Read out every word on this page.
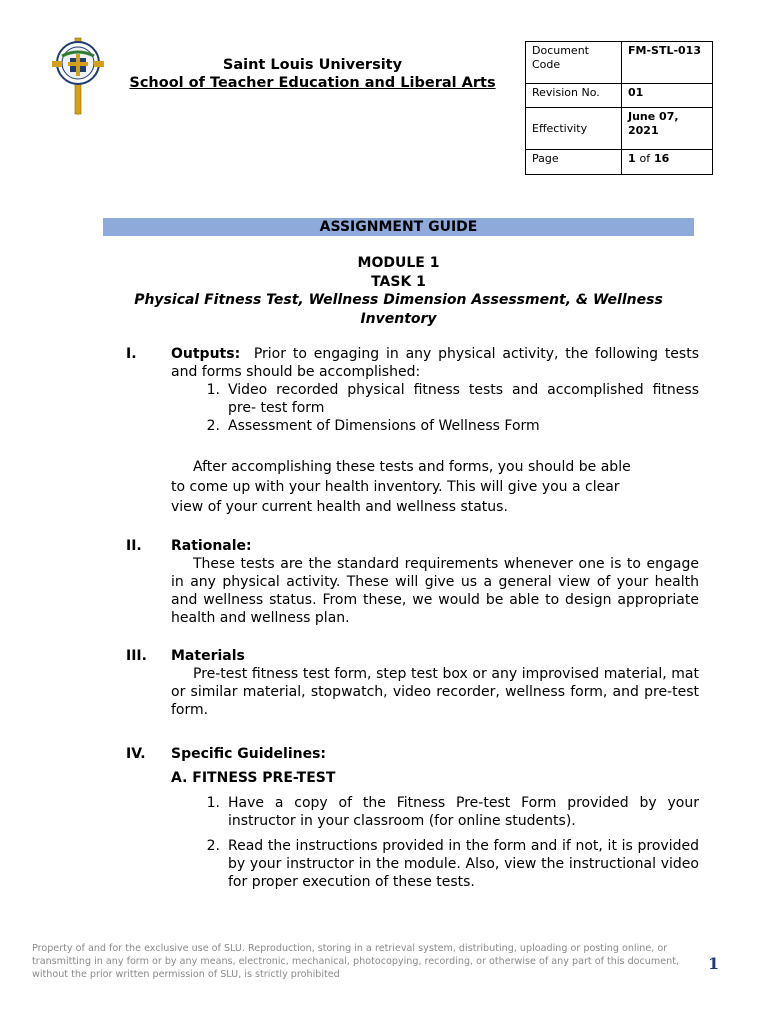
Saint Louis University
School of Teacher Education and Liberal Arts
Document Code	FM-STL-013
Revision No.	01
Effectivity	June 07, 2021
Page	1 of 16
ASSIGNMENT GUIDE
MODULE 1
TASK 1
Physical Fitness Test, Wellness Dimension Assessment, & Wellness Inventory
I. Outputs: Prior to engaging in any physical activity, the following tests and forms should be accomplished:
1. Video recorded physical fitness tests and accomplished fitness pre- test form
2. Assessment of Dimensions of Wellness Form
After accomplishing these tests and forms, you should be able
to come up with your health inventory. This will give you a clear
view of your current health and wellness status.
II. Rationale:
These tests are the standard requirements whenever one is to engage in any physical activity. These will give us a general view of your health and wellness status. From these, we would be able to design appropriate health and wellness plan.
III. Materials
Pre-test fitness test form, step test box or any improvised material, mat or similar material, stopwatch, video recorder, wellness form, and pre-test form.
IV. Specific Guidelines:
A. FITNESS PRE-TEST
1. Have a copy of the Fitness Pre-test Form provided by your instructor in your classroom (for online students).
2. Read the instructions provided in the form and if not, it is provided by your instructor in the module. Also, view the instructional video for proper execution of these tests.
Property of and for the exclusive use of SLU. Reproduction, storing in a retrieval system, distributing, uploading or posting online, or transmitting in any form or by any means, electronic, mechanical, photocopying, recording, or otherwise of any part of this document, without the prior written permission of SLU, is strictly prohibited
1
